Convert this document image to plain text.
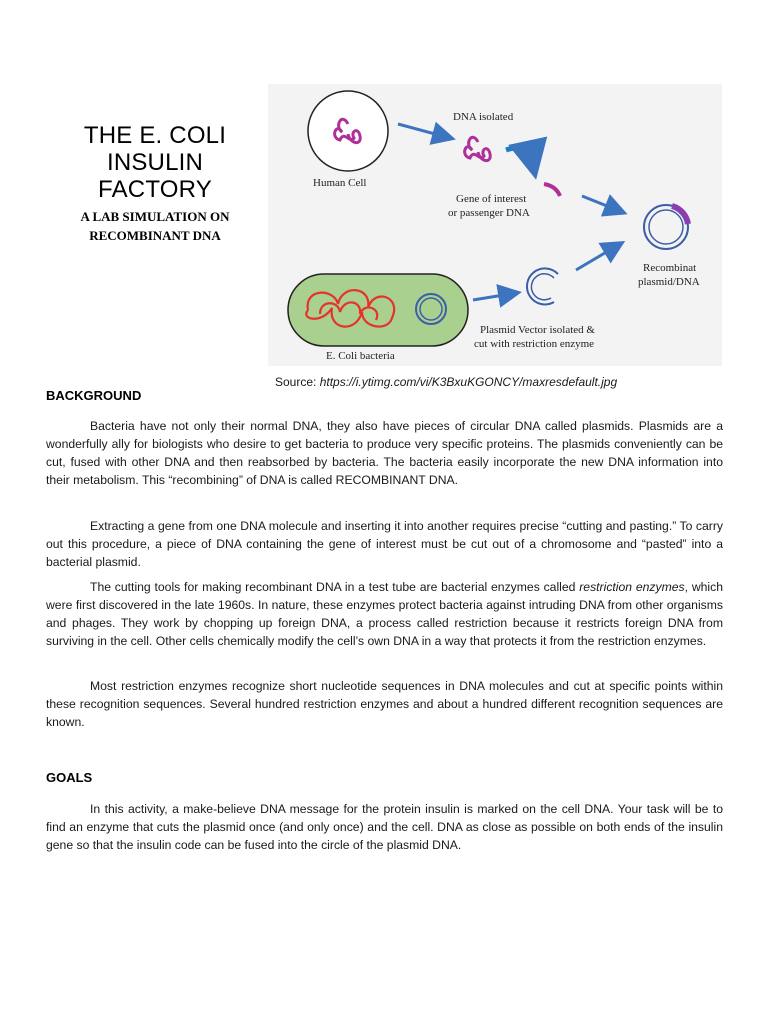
THE E. COLI
INSULIN
FACTORY
A LAB SIMULATION ON
RECOMBINANT DNA
Human Cell
DNA isolated
Gene of interest
or passenger DNA
Recombinat
plasmid/DNA
E. Coli bacteria
Plasmid Vector isolated &
cut with restriction enzyme
Source: https://i.ytimg.com/vi/K3BxuKGONCY/maxresdefault.jpg
BACKGROUND

Bacteria have not only their normal DNA, they also have pieces of circular DNA called plasmids. Plasmids are a wonderfully ally for biologists who desire to get bacteria to produce very specific proteins. The plasmids conveniently can be cut, fused with other DNA and then reabsorbed by bacteria. The bacteria easily incorporate the new DNA information into their metabolism. This “recombining” of DNA is called RECOMBINANT DNA.

Extracting a gene from one DNA molecule and inserting it into another requires precise “cutting and pasting.” To carry out this procedure, a piece of DNA containing the gene of interest must be cut out of a chromosome and “pasted” into a bacterial plasmid.

The cutting tools for making recombinant DNA in a test tube are bacterial enzymes called restriction enzymes, which were first discovered in the late 1960s. In nature, these enzymes protect bacteria against intruding DNA from other organisms and phages. They work by chopping up foreign DNA, a process called restriction because it restricts foreign DNA from surviving in the cell. Other cells chemically modify the cell’s own DNA in a way that protects it from the restriction enzymes.

Most restriction enzymes recognize short nucleotide sequences in DNA molecules and cut at specific points within these recognition sequences. Several hundred restriction enzymes and about a hundred different recognition sequences are known.

GOALS

In this activity, a make-believe DNA message for the protein insulin is marked on the cell DNA. Your task will be to find an enzyme that cuts the plasmid once (and only once) and the cell. DNA as close as possible on both ends of the insulin gene so that the insulin code can be fused into the circle of the plasmid DNA.
